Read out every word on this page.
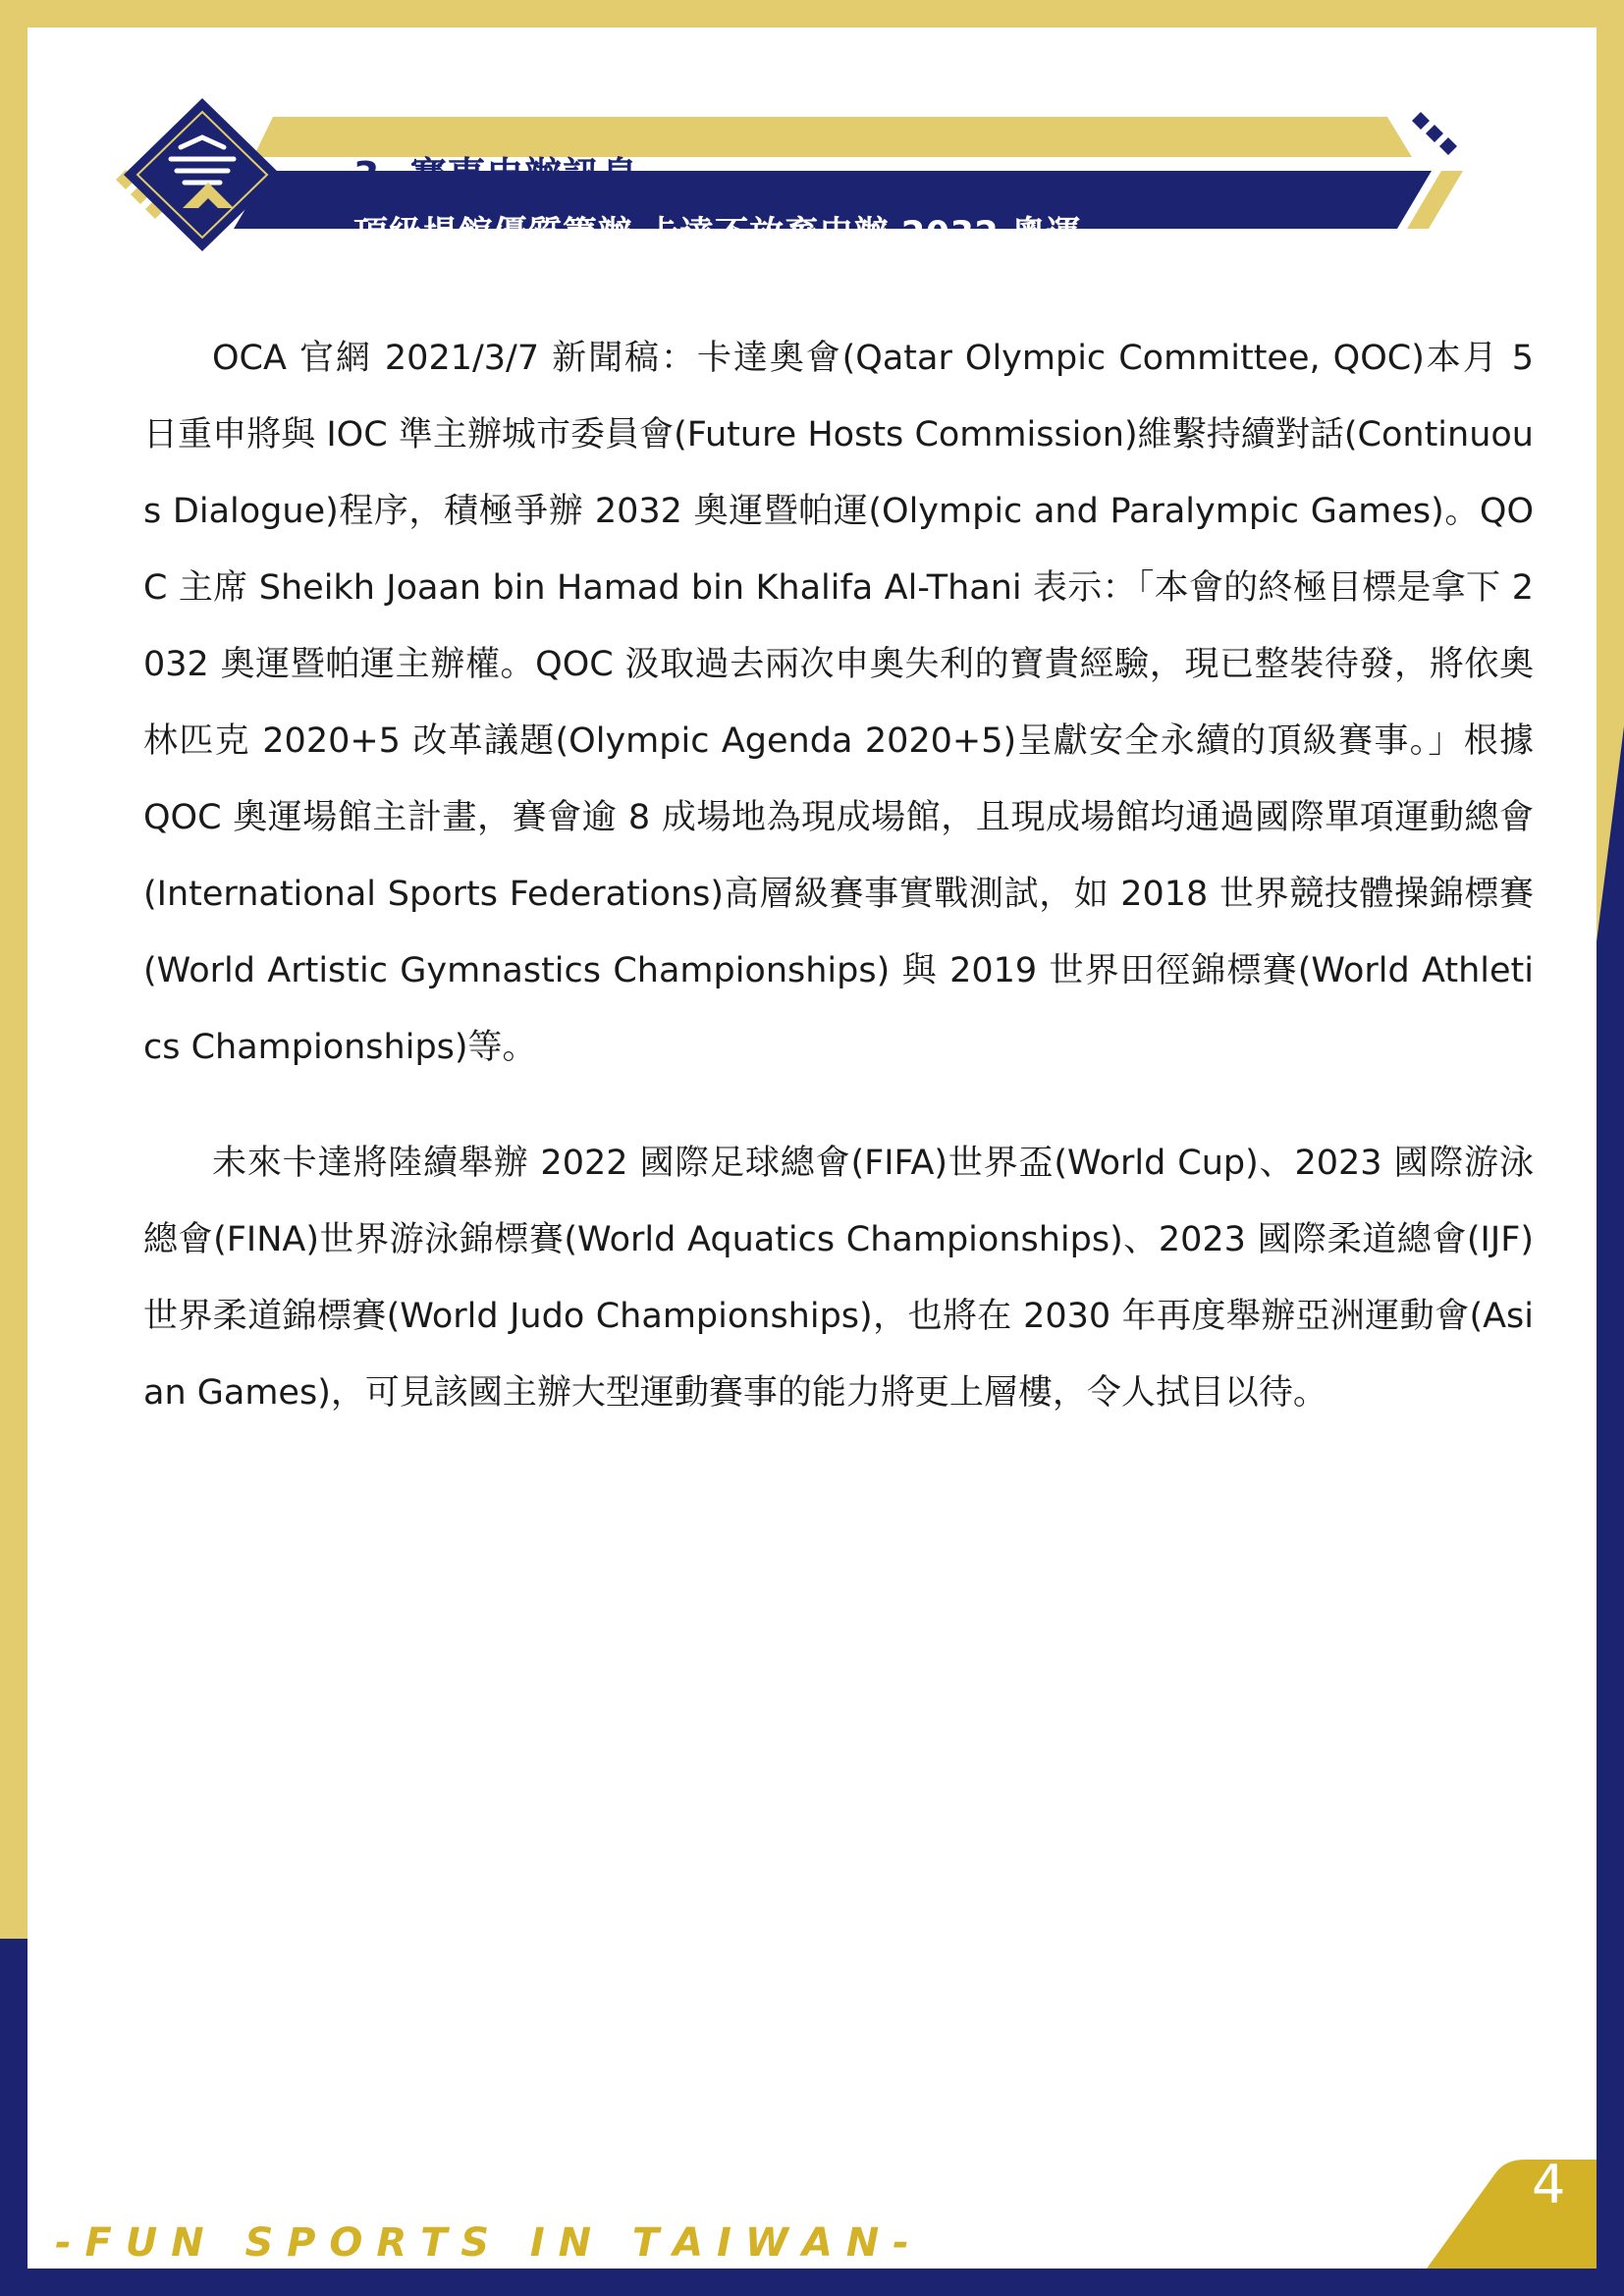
3. 賽事申辦訊息
頂級場館優質籌辦 卡達不放棄申辦 2032 奧運

OCA 官網 2021/3/7 新聞稿：卡達奧會(Qatar Olympic Committee, QOC)本月 5 日重申將與 IOC 準主辦城市委員會(Future Hosts Commission)維繫持續對話(Continuous Dialogue)程序，積極爭辦 2032 奧運暨帕運(Olympic and Paralympic Games)。QOC 主席 Sheikh Joaan bin Hamad bin Khalifa Al-Thani 表示：「本會的終極目標是拿下 2032 奧運暨帕運主辦權。QOC 汲取過去兩次申奧失利的寶貴經驗，現已整裝待發，將依奧林匹克 2020+5 改革議題(Olympic Agenda 2020+5)呈獻安全永續的頂級賽事。」根據 QOC 奧運場館主計畫，賽會逾 8 成場地為現成場館，且現成場館均通過國際單項運動總會(International Sports Federations)高層級賽事實戰測試，如 2018 世界競技體操錦標賽(World Artistic Gymnastics Championships) 與 2019 世界田徑錦標賽(World Athletics Championships)等。

未來卡達將陸續舉辦 2022 國際足球總會(FIFA)世界盃(World Cup)、2023 國際游泳總會(FINA)世界游泳錦標賽(World Aquatics Championships)、2023 國際柔道總會(IJF)世界柔道錦標賽(World Judo Championships)，也將在 2030 年再度舉辦亞洲運動會(Asian Games)，可見該國主辦大型運動賽事的能力將更上層樓，令人拭目以待。

- F U N   S P O R T S   I N   T A I W A N -
4
